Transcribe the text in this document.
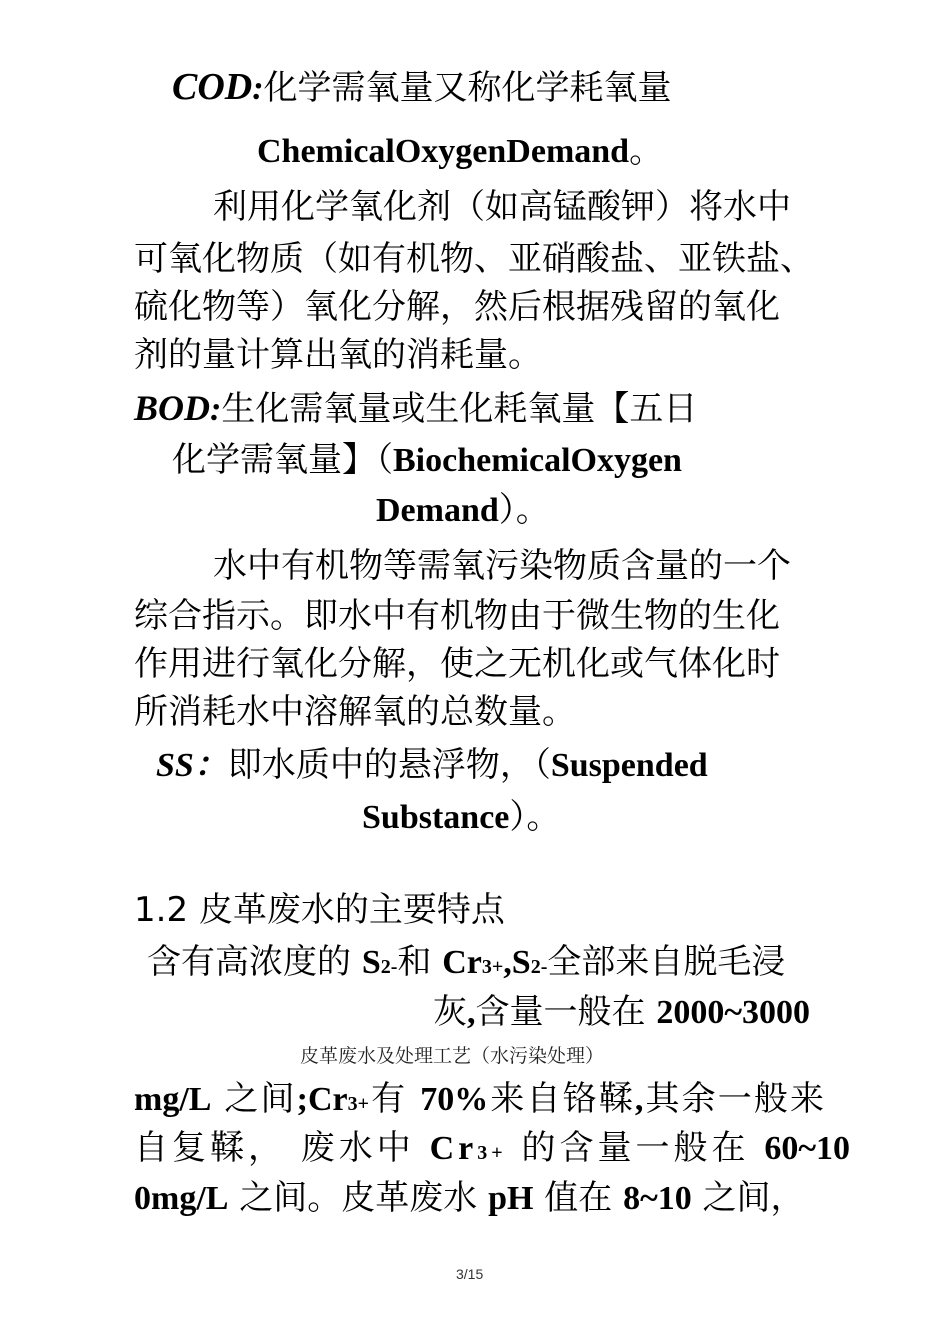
COD:化学需氧量又称化学耗氧量
ChemicalOxygenDemand。
利用化学氧化剂（如高锰酸钾）将水中
可氧化物质（如有机物、亚硝酸盐、亚铁盐、
硫化物等）氧化分解，然后根据残留的氧化
剂的量计算出氧的消耗量。
BOD:生化需氧量或生化耗氧量【五日
化学需氧量】（BiochemicalOxygen
Demand）。
水中有机物等需氧污染物质含量的一个
综合指示。即水中有机物由于微生物的生化
作用进行氧化分解，使之无机化或气体化时
所消耗水中溶解氧的总数量。
SS：即水质中的悬浮物，（Suspended
Substance）。
1.2 皮革废水的主要特点
含有高浓度的 S2-和 Cr3+,S2-全部来自脱毛浸
灰,含量一般在 2000~3000
皮革废水及处理工艺（水污染处理）
mg/L 之间;Cr3+有 70%来自铬鞣,其余一般来
自复鞣， 废水中 Cr3+ 的含量一般在 60~10
0mg/L 之间。皮革废水 pH 值在 8~10 之间，
3/15
